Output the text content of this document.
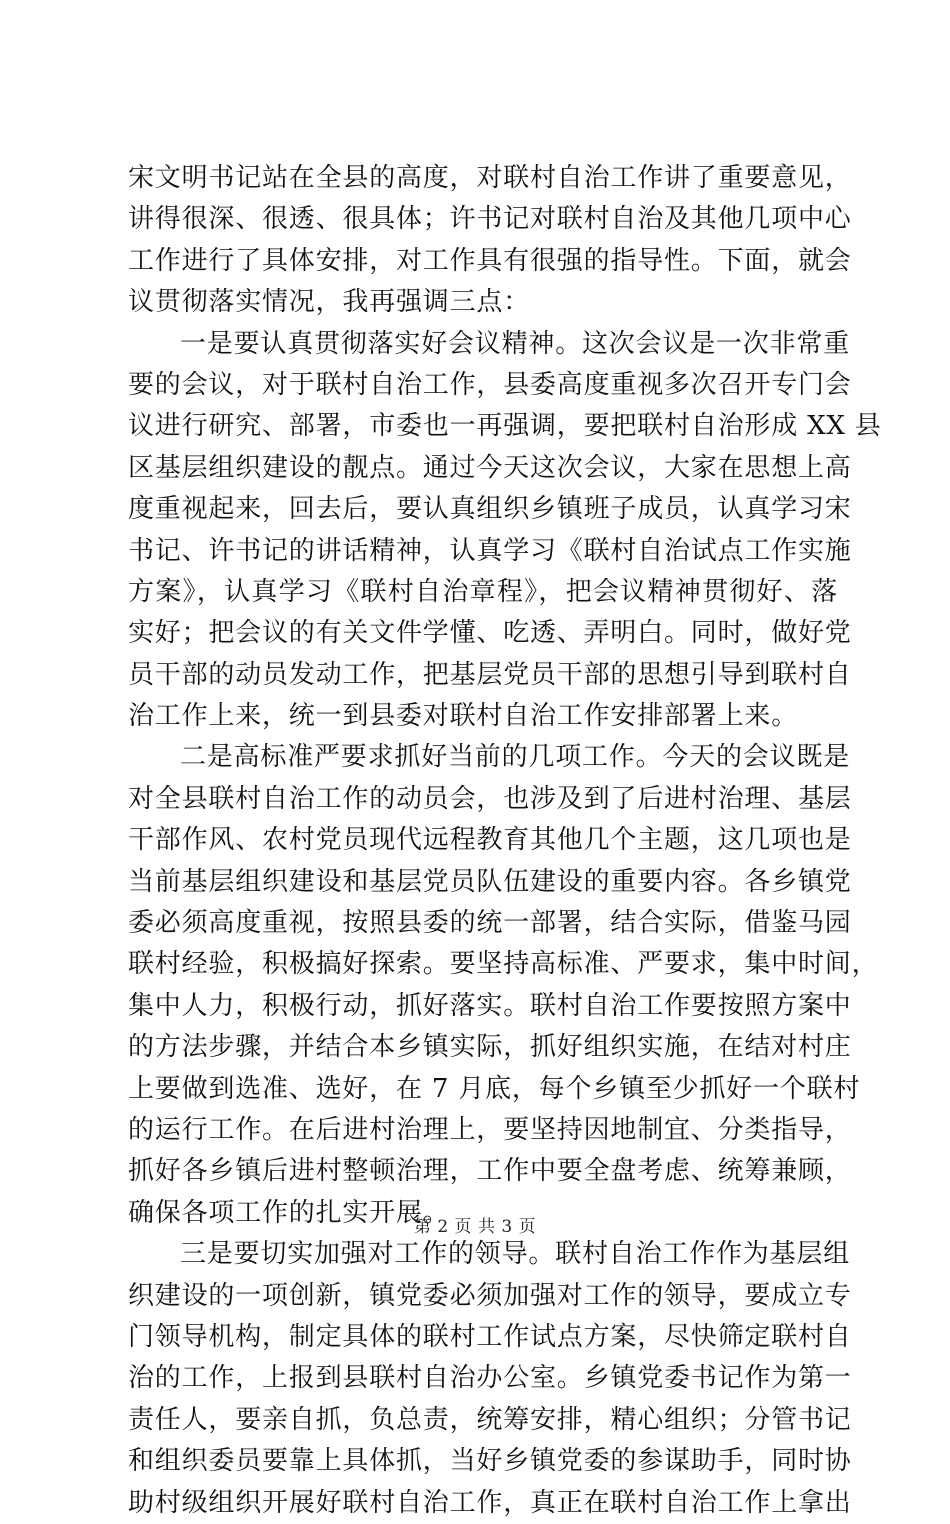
宋文明书记站在全县的高度，对联村自治工作讲了重要意见，
讲得很深、很透、很具体；许书记对联村自治及其他几项中心
工作进行了具体安排，对工作具有很强的指导性。下面，就会
议贯彻落实情况，我再强调三点：
一是要认真贯彻落实好会议精神。这次会议是一次非常重
要的会议，对于联村自治工作，县委高度重视多次召开专门会
议进行研究、部署，市委也一再强调，要把联村自治形成 XX 县
区基层组织建设的靓点。通过今天这次会议，大家在思想上高
度重视起来，回去后，要认真组织乡镇班子成员，认真学习宋
书记、许书记的讲话精神，认真学习《联村自治试点工作实施
方案》，认真学习《联村自治章程》，把会议精神贯彻好、落
实好；把会议的有关文件学懂、吃透、弄明白。同时，做好党
员干部的动员发动工作，把基层党员干部的思想引导到联村自
治工作上来，统一到县委对联村自治工作安排部署上来。
二是高标准严要求抓好当前的几项工作。今天的会议既是
对全县联村自治工作的动员会，也涉及到了后进村治理、基层
干部作风、农村党员现代远程教育其他几个主题，这几项也是
当前基层组织建设和基层党员队伍建设的重要内容。各乡镇党
委必须高度重视，按照县委的统一部署，结合实际，借鉴马园
联村经验，积极搞好探索。要坚持高标准、严要求，集中时间，
集中人力，积极行动，抓好落实。联村自治工作要按照方案中
的方法步骤，并结合本乡镇实际，抓好组织实施，在结对村庄
上要做到选准、选好，在 7 月底，每个乡镇至少抓好一个联村
的运行工作。在后进村治理上，要坚持因地制宜、分类指导，
抓好各乡镇后进村整顿治理，工作中要全盘考虑、统筹兼顾，
确保各项工作的扎实开展。
三是要切实加强对工作的领导。联村自治工作作为基层组
织建设的一项创新，镇党委必须加强对工作的领导，要成立专
门领导机构，制定具体的联村工作试点方案，尽快筛定联村自
治的工作，上报到县联村自治办公室。乡镇党委书记作为第一
责任人，要亲自抓，负总责，统筹安排，精心组织；分管书记
和组织委员要靠上具体抓，当好乡镇党委的参谋助手，同时协
助村级组织开展好联村自治工作，真正在联村自治工作上拿出
第 2 页 共 3 页
